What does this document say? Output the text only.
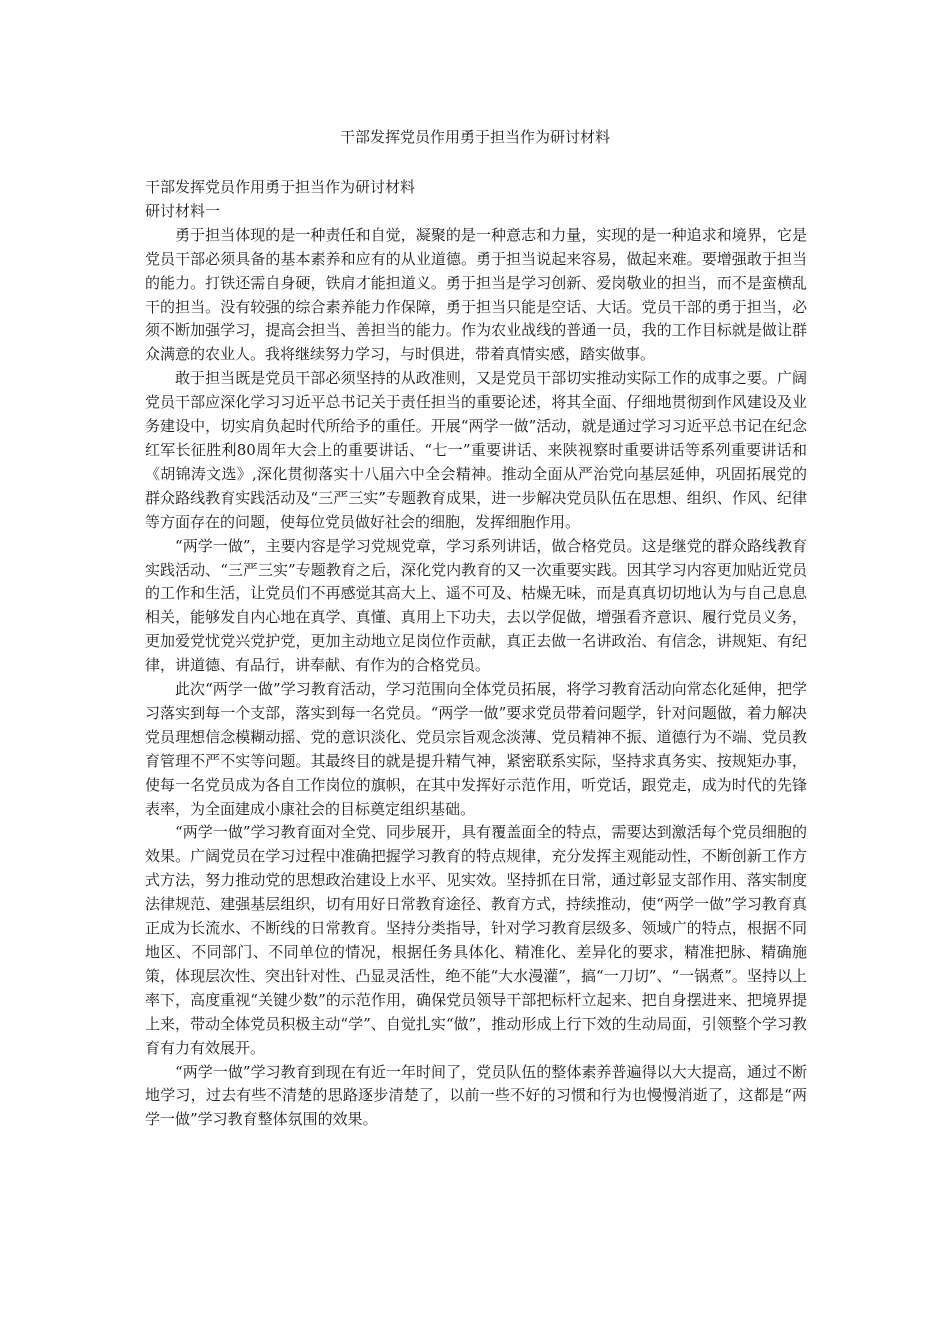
干部发挥党员作用勇于担当作为研讨材料

干部发挥党员作用勇于担当作为研讨材料

研讨材料一

勇于担当体现的是一种责任和自觉，凝聚的是一种意志和力量，实现的是一种追求和境界，它是党员干部必须具备的基本素养和应有的从业道德。勇于担当说起来容易，做起来难。要增强敢于担当的能力。打铁还需自身硬，铁肩才能担道义。勇于担当是学习创新、爱岗敬业的担当，而不是蛮横乱干的担当。没有较强的综合素养能力作保障，勇于担当只能是空话、大话。党员干部的勇于担当，必须不断加强学习，提高会担当、善担当的能力。作为农业战线的普通一员，我的工作目标就是做让群众满意的农业人。我将继续努力学习，与时俱进，带着真情实感，踏实做事。

敢于担当既是党员干部必须坚持的从政准则，又是党员干部切实推动实际工作的成事之要。广阔党员干部应深化学习习近平总书记关于责任担当的重要论述，将其全面、仔细地贯彻到作风建设及业务建设中，切实肩负起时代所给予的重任。开展“两学一做”活动，就是通过学习习近平总书记在纪念红军长征胜利80周年大会上的重要讲话、“七一”重要讲话、来陕视察时重要讲话等系列重要讲话和《胡锦涛文选》,深化贯彻落实十八届六中全会精神。推动全面从严治党向基层延伸，巩固拓展党的群众路线教育实践活动及“三严三实”专题教育成果，进一步解决党员队伍在思想、组织、作风、纪律等方面存在的问题，使每位党员做好社会的细胞，发挥细胞作用。

“两学一做”，主要内容是学习党规党章，学习系列讲话，做合格党员。这是继党的群众路线教育实践活动、“三严三实”专题教育之后，深化党内教育的又一次重要实践。因其学习内容更加贴近党员的工作和生活，让党员们不再感觉其高大上、遥不可及、枯燥无味，而是真真切切地认为与自己息息相关，能够发自内心地在真学、真懂、真用上下功夫，去以学促做，增强看齐意识、履行党员义务，更加爱党忧党兴党护党，更加主动地立足岗位作贡献，真正去做一名讲政治、有信念，讲规矩、有纪律，讲道德、有品行，讲奉献、有作为的合格党员。

此次“两学一做”学习教育活动，学习范围向全体党员拓展，将学习教育活动向常态化延伸，把学习落实到每一个支部，落实到每一名党员。“两学一做”要求党员带着问题学，针对问题做，着力解决党员理想信念模糊动摇、党的意识淡化、党员宗旨观念淡薄、党员精神不振、道德行为不端、党员教育管理不严不实等问题。其最终目的就是提升精气神，紧密联系实际，坚持求真务实、按规矩办事，使每一名党员成为各自工作岗位的旗帜，在其中发挥好示范作用，听党话，跟党走，成为时代的先锋表率，为全面建成小康社会的目标奠定组织基础。

“两学一做”学习教育面对全党、同步展开，具有覆盖面全的特点，需要达到激活每个党员细胞的效果。广阔党员在学习过程中准确把握学习教育的特点规律，充分发挥主观能动性，不断创新工作方式方法，努力推动党的思想政治建设上水平、见实效。坚持抓在日常，通过彰显支部作用、落实制度法律规范、建强基层组织，切有用好日常教育途径、教育方式，持续推动，使“两学一做”学习教育真正成为长流水、不断线的日常教育。坚持分类指导，针对学习教育层级多、领域广的特点，根据不同地区、不同部门、不同单位的情况，根据任务具体化、精准化、差异化的要求，精准把脉、精确施策，体现层次性、突出针对性、凸显灵活性，绝不能“大水漫灌”，搞“一刀切”、“一锅煮”。坚持以上率下，高度重视“关键少数”的示范作用，确保党员领导干部把标杆立起来、把自身摆进来、把境界提上来，带动全体党员积极主动“学”、自觉扎实“做”，推动形成上行下效的生动局面，引领整个学习教育有力有效展开。

“两学一做”学习教育到现在有近一年时间了，党员队伍的整体素养普遍得以大大提高，通过不断地学习，过去有些不清楚的思路逐步清楚了，以前一些不好的习惯和行为也慢慢消逝了，这都是“两学一做”学习教育整体氛围的效果。
